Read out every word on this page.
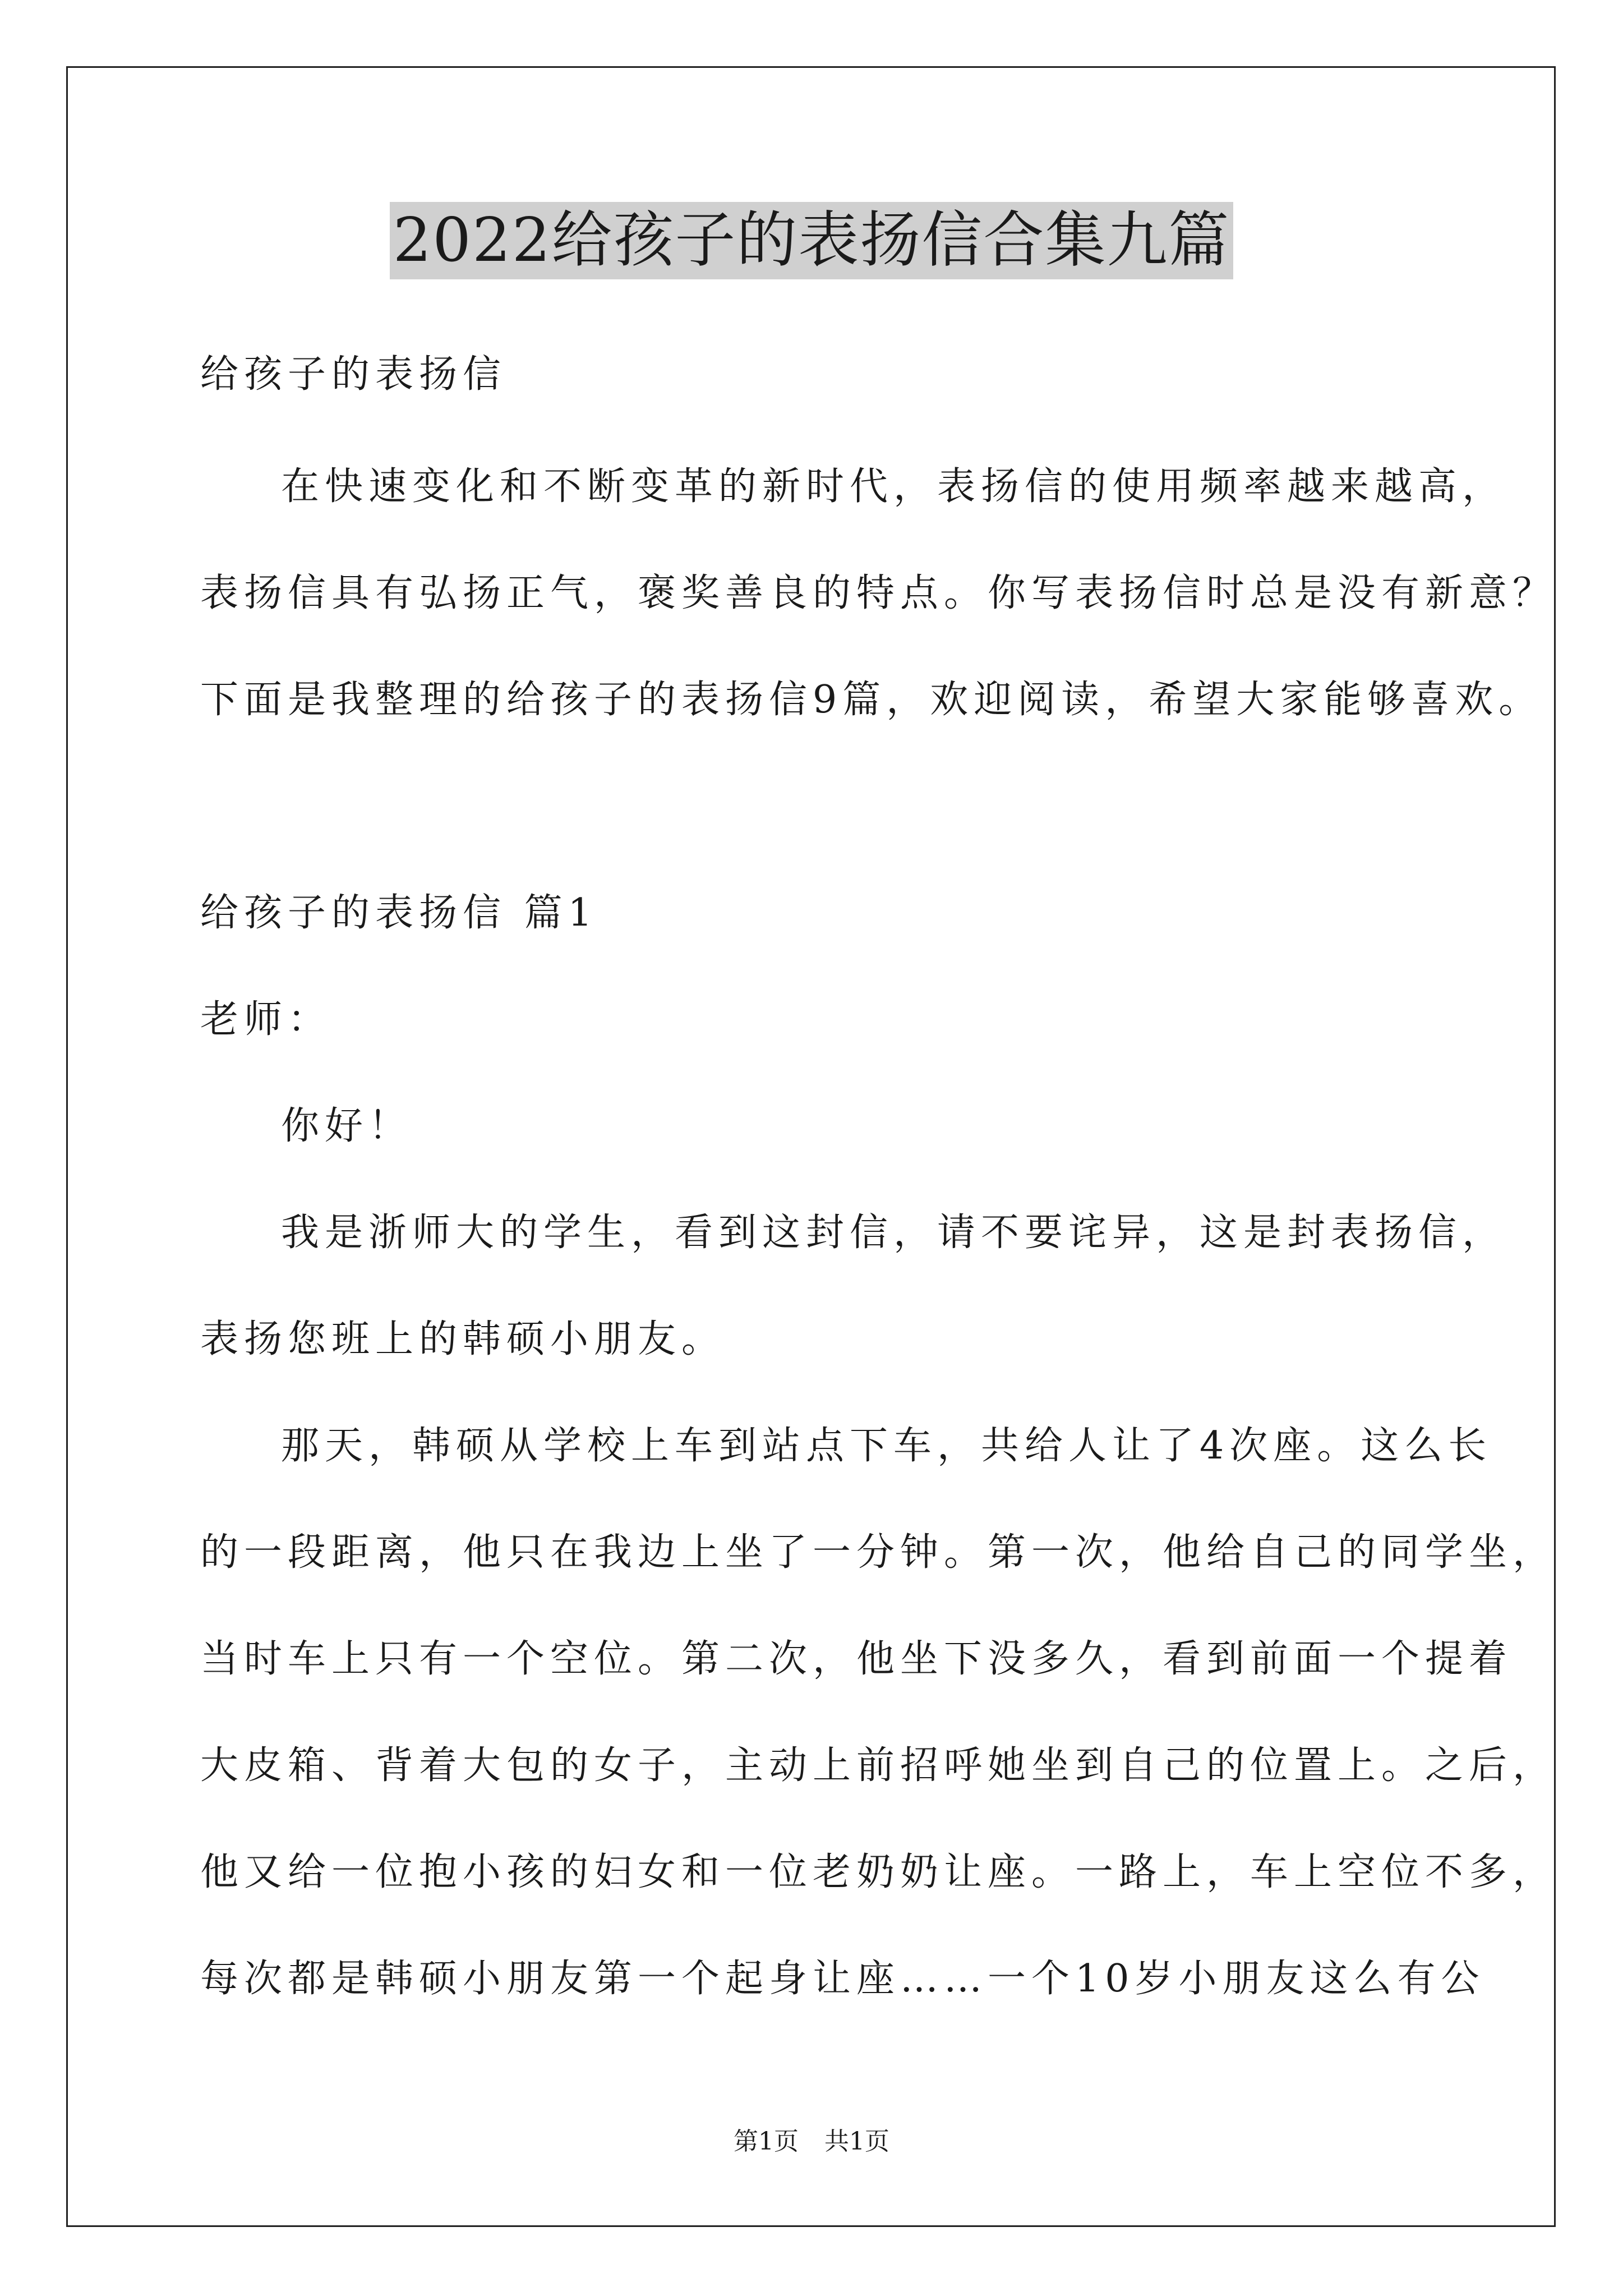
2022给孩子的表扬信合集九篇
给孩子的表扬信
在快速变化和不断变革的新时代，表扬信的使用频率越来越高，
表扬信具有弘扬正气，褒奖善良的特点。你写表扬信时总是没有新意？
下面是我整理的给孩子的表扬信9篇，欢迎阅读，希望大家能够喜欢。
给孩子的表扬信 篇1
老师：
你好！
我是浙师大的学生，看到这封信，请不要诧异，这是封表扬信，
表扬您班上的韩硕小朋友。
那天，韩硕从学校上车到站点下车，共给人让了4次座。这么长
的一段距离，他只在我边上坐了一分钟。第一次，他给自己的同学坐，
当时车上只有一个空位。第二次，他坐下没多久，看到前面一个提着
大皮箱、背着大包的女子，主动上前招呼她坐到自己的位置上。之后，
他又给一位抱小孩的妇女和一位老奶奶让座。一路上，车上空位不多，
每次都是韩硕小朋友第一个起身让座……一个10岁小朋友这么有公
第1页 共1页
